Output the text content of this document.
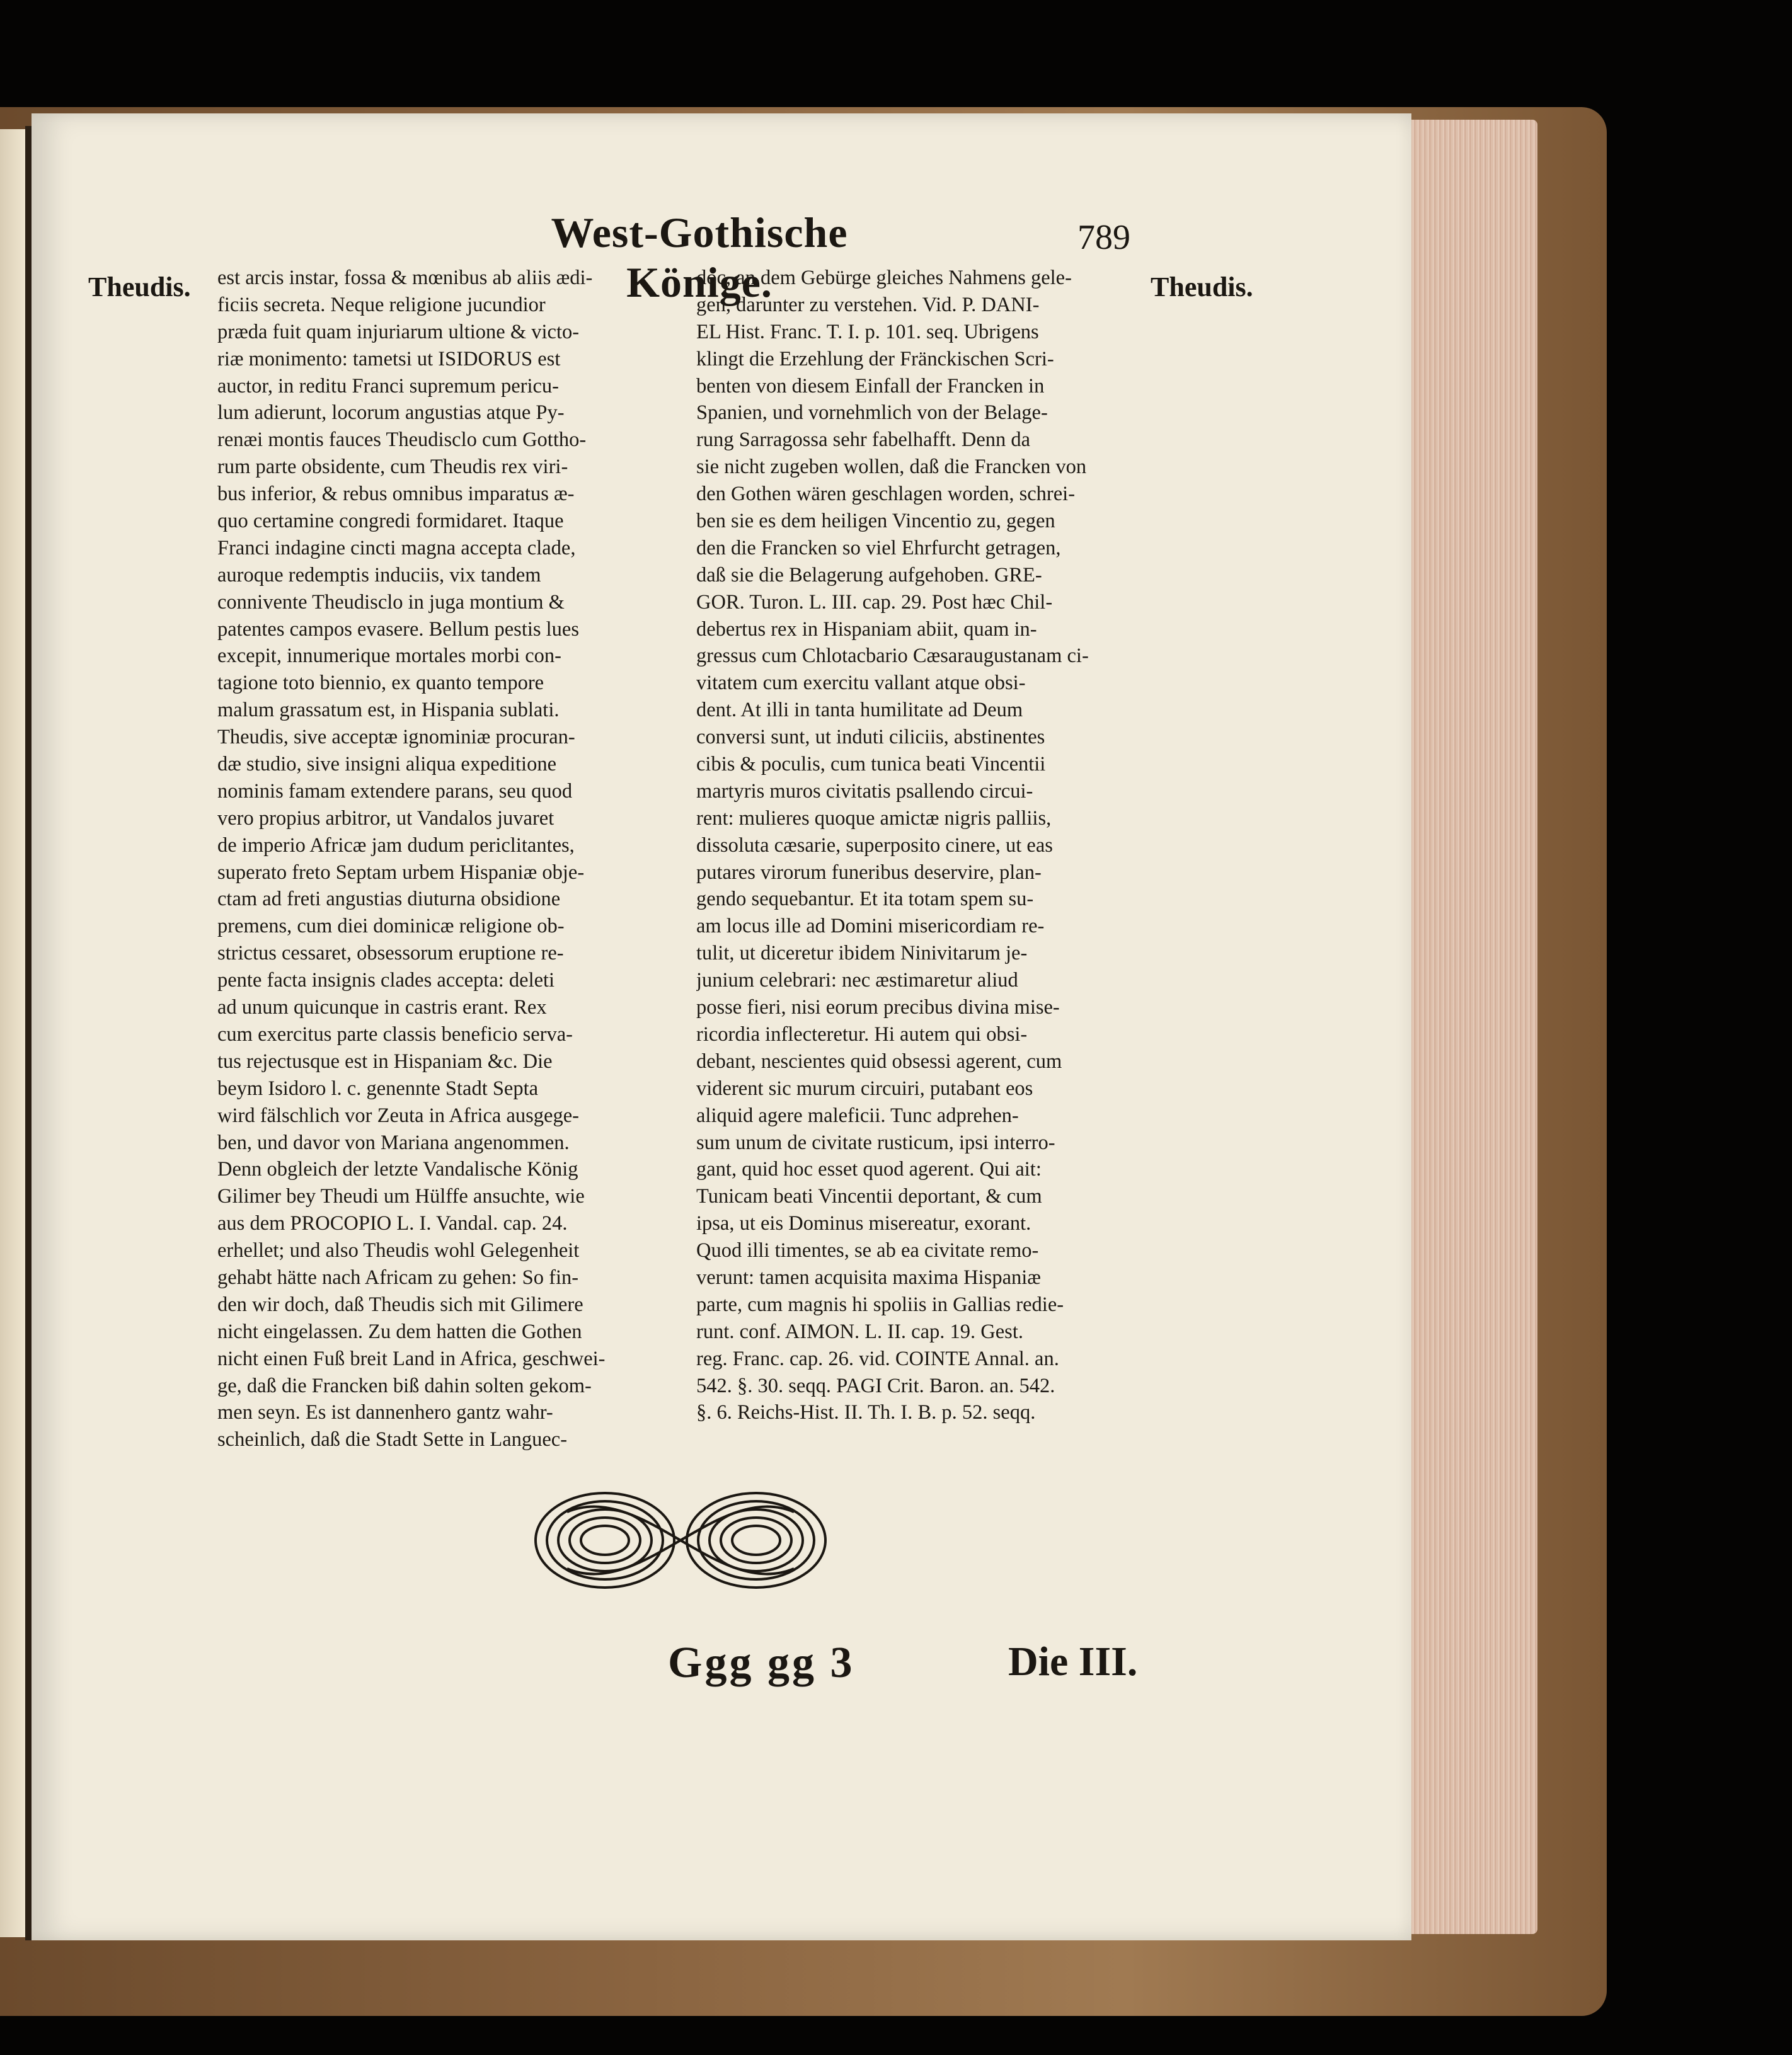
West-Gothische Könige.
789
Theudis.	Theudis.
est arcis instar, fossa & mœnibus ab aliis ædi-
ficiis secreta. Neque religione jucundior
præda fuit quam injuriarum ultione & victo-
riæ monimento: tametsi ut ISIDORUS est
auctor, in reditu Franci supremum pericu-
lum adierunt, locorum angustias atque Py-
renæi montis fauces Theudisclo cum Gottho-
rum parte obsidente, cum Theudis rex viri-
bus inferior, & rebus omnibus imparatus æ-
quo certamine congredi formidaret. Itaque
Franci indagine cincti magna accepta clade,
auroque redemptis induciis, vix tandem
connivente Theudisclo in juga montium &
patentes campos evasere. Bellum pestis lues
excepit, innumerique mortales morbi con-
tagione toto biennio, ex quanto tempore
malum grassatum est, in Hispania sublati.
Theudis, sive acceptæ ignominiæ procuran-
dæ studio, sive insigni aliqua expeditione
nominis famam extendere parans, seu quod
vero propius arbitror, ut Vandalos juvaret
de imperio Africæ jam dudum periclitantes,
superato freto Septam urbem Hispaniæ obje-
ctam ad freti angustias diuturna obsidione
premens, cum diei dominicæ religione ob-
strictus cessaret, obsessorum eruptione re-
pente facta insignis clades accepta: deleti
ad unum quicunque in castris erant. Rex
cum exercitus parte classis beneficio serva-
tus rejectusque est in Hispaniam &c. Die
beym Isidoro l. c. genennte Stadt Septa
wird fälschlich vor Zeuta in Africa ausgege-
ben, und davor von Mariana angenommen.
Denn obgleich der letzte Vandalische König
Gilimer bey Theudi um Hülffe ansuchte, wie
aus dem PROCOPIO L. I. Vandal. cap. 24.
erhellet; und also Theudis wohl Gelegenheit
gehabt hätte nach Africam zu gehen: So fin-
den wir doch, daß Theudis sich mit Gilimere
nicht eingelassen. Zu dem hatten die Gothen
nicht einen Fuß breit Land in Africa, geschwei-
ge, daß die Francken biß dahin solten gekom-
men seyn. Es ist dannenhero gantz wahr-
scheinlich, daß die Stadt Sette in Languec-
doc, an dem Gebürge gleiches Nahmens gele-
gen, darunter zu verstehen. Vid. P. DANI-
EL Hist. Franc. T. I. p. 101. seq. Ubrigens
klingt die Erzehlung der Fränckischen Scri-
benten von diesem Einfall der Francken in
Spanien, und vornehmlich von der Belage-
rung Sarragossa sehr fabelhafft. Denn da
sie nicht zugeben wollen, daß die Francken von
den Gothen wären geschlagen worden, schrei-
ben sie es dem heiligen Vincentio zu, gegen
den die Francken so viel Ehrfurcht getragen,
daß sie die Belagerung aufgehoben. GRE-
GOR. Turon. L. III. cap. 29. Post hæc Chil-
debertus rex in Hispaniam abiit, quam in-
gressus cum Chlotacbario Cæsaraugustanam ci-
vitatem cum exercitu vallant atque obsi-
dent. At illi in tanta humilitate ad Deum
conversi sunt, ut induti ciliciis, abstinentes
cibis & poculis, cum tunica beati Vincentii
martyris muros civitatis psallendo circui-
rent: mulieres quoque amictæ nigris palliis,
dissoluta cæsarie, superposito cinere, ut eas
putares virorum funeribus deservire, plan-
gendo sequebantur. Et ita totam spem su-
am locus ille ad Domini misericordiam re-
tulit, ut diceretur ibidem Ninivitarum je-
junium celebrari: nec æstimaretur aliud
posse fieri, nisi eorum precibus divina mise-
ricordia inflecteretur. Hi autem qui obsi-
debant, nescientes quid obsessi agerent, cum
viderent sic murum circuiri, putabant eos
aliquid agere maleficii. Tunc adprehen-
sum unum de civitate rusticum, ipsi interro-
gant, quid hoc esset quod agerent. Qui ait:
Tunicam beati Vincentii deportant, & cum
ipsa, ut eis Dominus misereatur, exorant.
Quod illi timentes, se ab ea civitate remo-
verunt: tamen acquisita maxima Hispaniæ
parte, cum magnis hi spoliis in Gallias redie-
runt. conf. AIMON. L. II. cap. 19. Gest.
reg. Franc. cap. 26. vid. COINTE Annal. an.
542. §. 30. seqq. PAGI Crit. Baron. an. 542.
§. 6. Reichs-Hist. II. Th. I. B. p. 52. seqq.
Ggg gg 3	Die III.
